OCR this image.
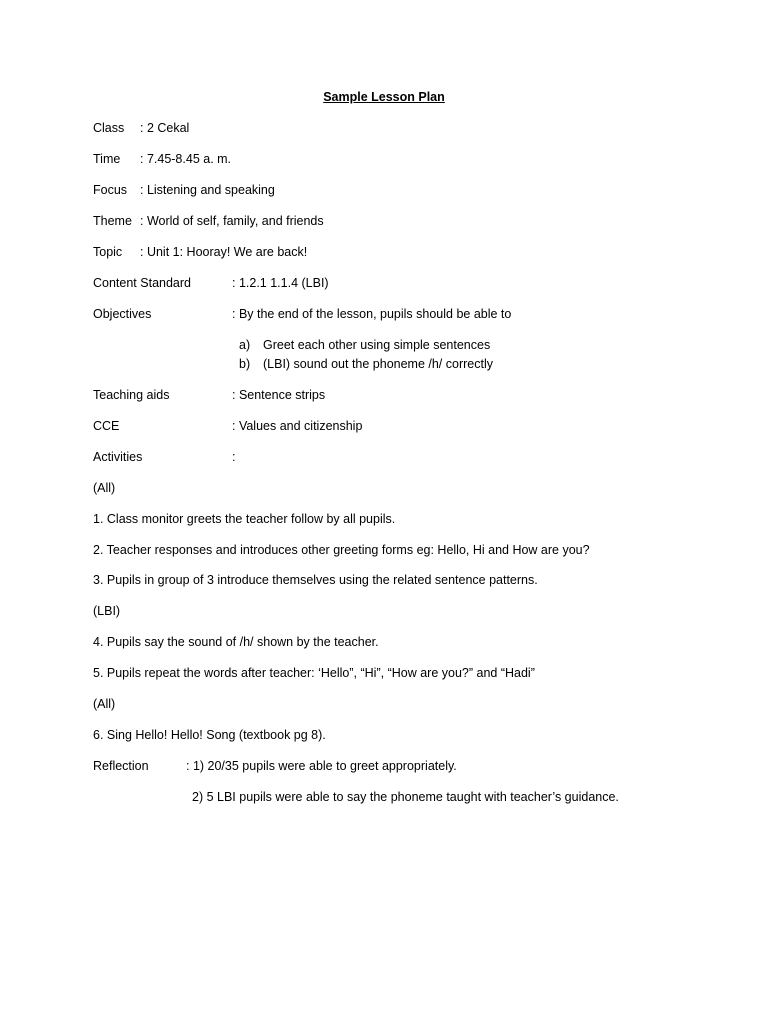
Sample Lesson Plan
Class : 2 Cekal
Time : 7.45-8.45 a. m.
Focus : Listening and speaking
Theme : World of self, family, and friends
Topic : Unit 1: Hooray! We are back!
Content Standard	: 1.2.1 1.1.4 (LBI)
Objectives	: By the end of the lesson, pupils should be able to
a) Greet each other using simple sentences
b) (LBI) sound out the phoneme /h/ correctly
Teaching aids	: Sentence strips
CCE	: Values and citizenship
Activities	:
(All)
1. Class monitor greets the teacher follow by all pupils.
2. Teacher responses and introduces other greeting forms eg: Hello, Hi and How are you?
3. Pupils in group of 3 introduce themselves using the related sentence patterns.
(LBI)
4. Pupils say the sound of /h/ shown by the teacher.
5. Pupils repeat the words after teacher: ‘Hello”, “Hi”, “How are you?” and “Hadi”
(All)
6. Sing Hello! Hello! Song (textbook pg 8).
Reflection	: 1) 20/35 pupils were able to greet appropriately.
2) 5 LBI pupils were able to say the phoneme taught with teacher’s guidance.
